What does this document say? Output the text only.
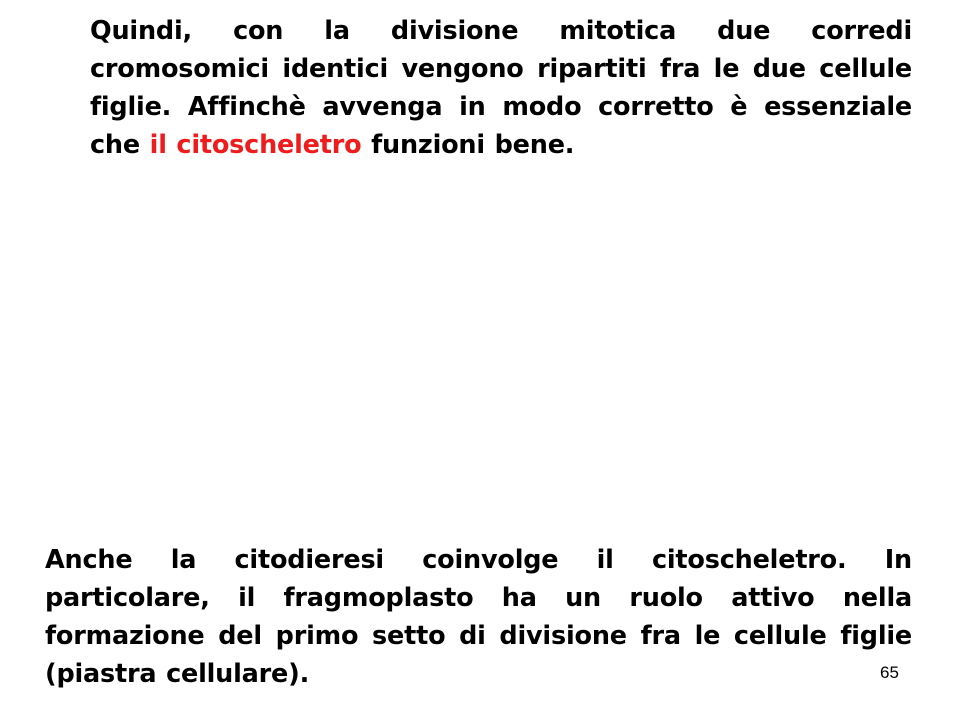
Quindi, con la divisione mitotica due corredi cromosomici identici vengono ripartiti fra le due cellule figlie. Affinchè avvenga in modo corretto è essenziale che il citoscheletro funzioni bene.

Anche la citodieresi coinvolge il citoscheletro. In particolare, il fragmoplasto ha un ruolo attivo nella formazione del primo setto di divisione fra le cellule figlie (piastra cellulare).	65
